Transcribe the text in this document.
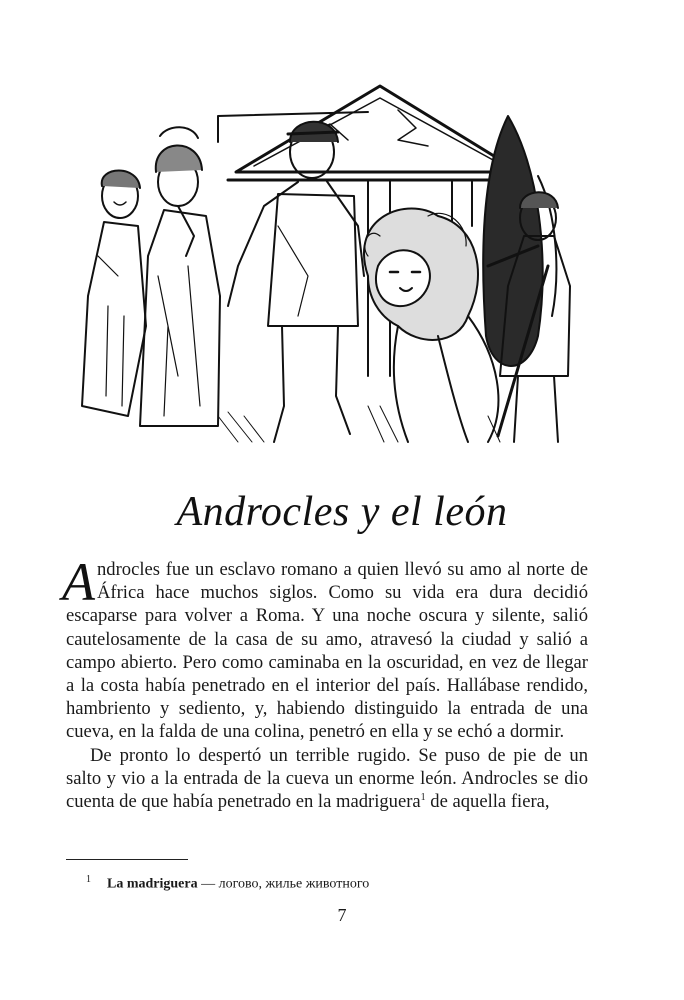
Androcles y el león

Androcles fue un esclavo romano a quien llevó su amo al norte de África hace muchos siglos. Como su vida era dura decidió escaparse para volver a Roma. Y una noche oscura y silente, salió cautelosamente de la casa de su amo, atravesó la ciudad y salió a campo abierto. Pero como caminaba en la oscuridad, en vez de llegar a la costa había penetrado en el interior del país. Hallábase rendido, hambriento y sediento, y, habiendo distinguido la entrada de una cueva, en la falda de una colina, penetró en ella y se echó a dormir.

De pronto lo despertó un terrible rugido. Se puso de pie de un salto y vio a la entrada de la cueva un enorme león. Androcles se dio cuenta de que había penetrado en la madriguera$^1$ de aquella fiera,

$^1$ La madriguera — логово, жилье животного
7
